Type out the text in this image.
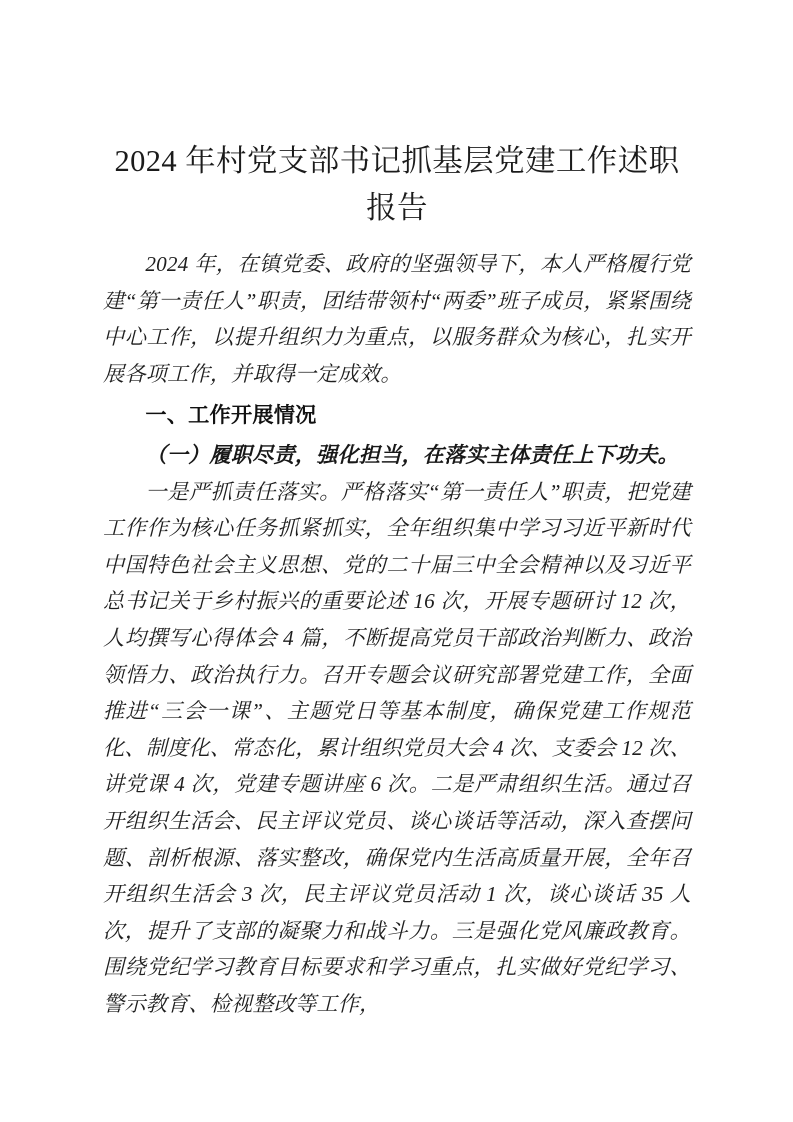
2024 年村党支部书记抓基层党建工作述职报告

2024 年，在镇党委、政府的坚强领导下，本人严格履行党建“第一责任人”职责，团结带领村“两委”班子成员，紧紧围绕中心工作，以提升组织力为重点，以服务群众为核心，扎实开展各项工作，并取得一定成效。

一、工作开展情况
（一）履职尽责，强化担当，在落实主体责任上下功夫。

一是严抓责任落实。严格落实“第一责任人”职责，把党建工作作为核心任务抓紧抓实，全年组织集中学习习近平新时代中国特色社会主义思想、党的二十届三中全会精神以及习近平总书记关于乡村振兴的重要论述 16 次，开展专题研讨 12 次，人均撰写心得体会 4 篇，不断提高党员干部政治判断力、政治领悟力、政治执行力。召开专题会议研究部署党建工作，全面推进“三会一课”、主题党日等基本制度，确保党建工作规范化、制度化、常态化，累计组织党员大会 4 次、支委会 12 次、讲党课 4 次，党建专题讲座 6 次。二是严肃组织生活。通过召开组织生活会、民主评议党员、谈心谈话等活动，深入查摆问题、剖析根源、落实整改，确保党内生活高质量开展，全年召开组织生活会 3 次，民主评议党员活动 1 次，谈心谈话 35 人次，提升了支部的凝聚力和战斗力。三是强化党风廉政教育。围绕党纪学习教育目标要求和学习重点，扎实做好党纪学习、警示教育、检视整改等工作，
